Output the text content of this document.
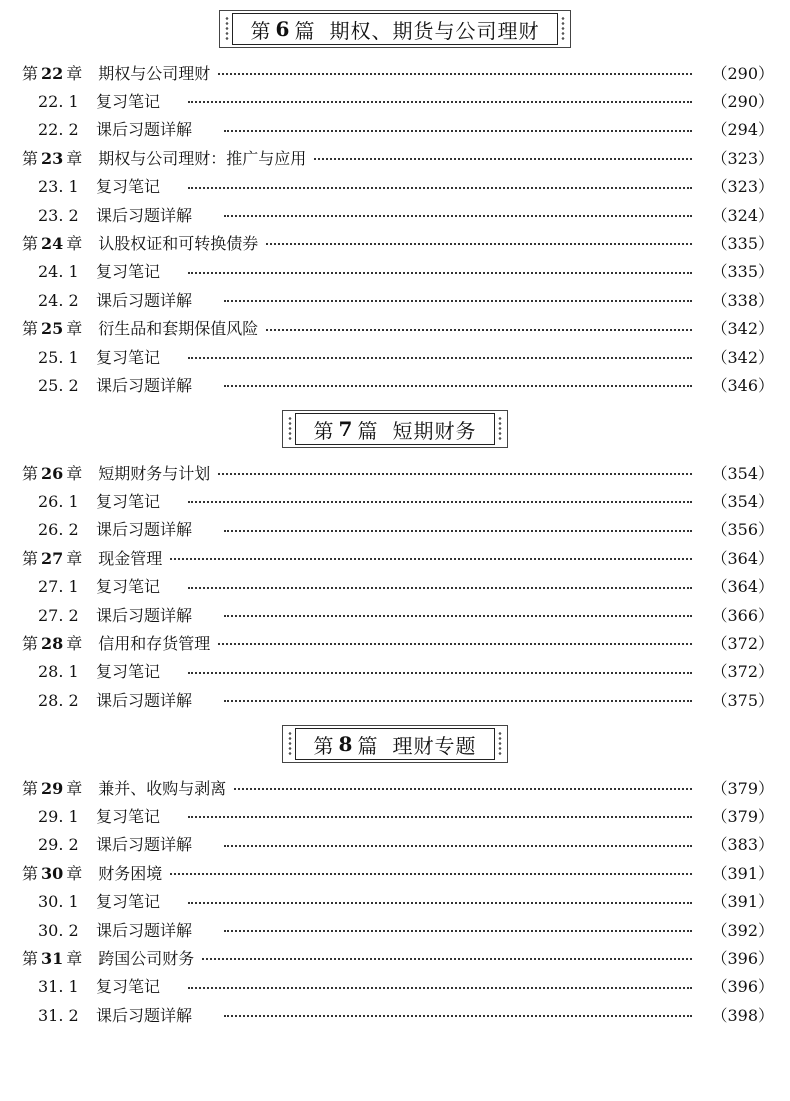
第 6 篇 期权、期货与公司理财
第 22 章 期权与公司理财	（290）
22. 1 复习笔记	（290）
22. 2 课后习题详解	（294）
第 23 章 期权与公司理财：推广与应用	（323）
23. 1 复习笔记	（323）
23. 2 课后习题详解	（324）
第 24 章 认股权证和可转换债券	（335）
24. 1 复习笔记	（335）
24. 2 课后习题详解	（338）
第 25 章 衍生品和套期保值风险	（342）
25. 1 复习笔记	（342）
25. 2 课后习题详解	（346）
第 7 篇 短期财务
第 26 章 短期财务与计划	（354）
26. 1 复习笔记	（354）
26. 2 课后习题详解	（356）
第 27 章 现金管理	（364）
27. 1 复习笔记	（364）
27. 2 课后习题详解	（366）
第 28 章 信用和存货管理	（372）
28. 1 复习笔记	（372）
28. 2 课后习题详解	（375）
第 8 篇 理财专题
第 29 章 兼并、收购与剥离	（379）
29. 1 复习笔记	（379）
29. 2 课后习题详解	（383）
第 30 章 财务困境	（391）
30. 1 复习笔记	（391）
30. 2 课后习题详解	（392）
第 31 章 跨国公司财务	（396）
31. 1 复习笔记	（396）
31. 2 课后习题详解	（398）
